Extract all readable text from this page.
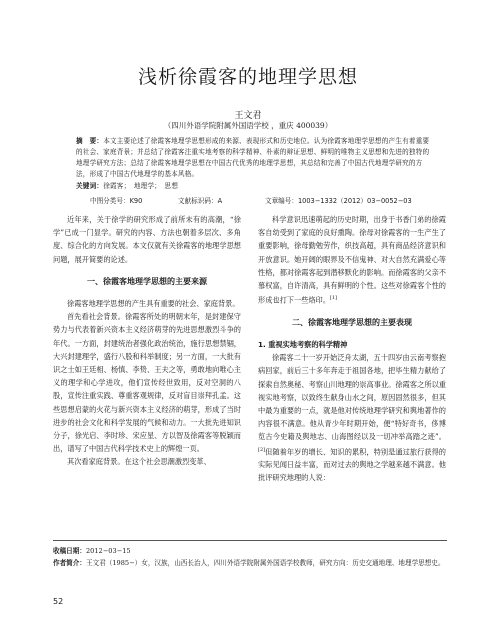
浅析徐霞客的地理学思想
王文君
（四川外语学院附属外国语学校 ，重庆 400039）
摘　要：本文主要论述了徐霞客地理学思想形成的来源、表现形式和历史地位。认为徐霞客地理学思想的产生有着重要的社会、家庭背景；并总结了徐霞客注重实地考察的科学精神、朴素的辩证思想、鲜明的唯物主义思想和先进的独特的地理学研究方法；总结了徐霞客地理学思想在中国古代优秀的地理学思想，其总结和完善了中国古代地理学研究的方法，形成了中国古代地理学的基本风格。
关键词：徐霞客；　地理学；　思想
中图分类号：K90	文献标识码：A	文章编号：1003−1332（2012）03−0052−03

近年来，关于徐学的研究形成了前所未有的高潮，“徐学”已成一门显学。研究的内容、方法也朝着多层次、多角度、综合化的方向发展。本文仅就有关徐霞客的地理学思想问题，展开简要的论述。

一、徐霞客地理学思想的主要来源

徐霞客地理学思想的产生具有重要的社会、家庭背景。

首先看社会背景。徐霞客所处的明朝末年，是封建保守势力与代表着新兴资本主义经济萌芽的先进思想激烈斗争的年代。一方面，封建统治者强化政治统治，施行思想禁锢，大兴封建理学，盛行八股和科举制度；另一方面，一大批有识之士如王廷相、杨慎、李贽、王夫之等，勇敢地向唯心主义的理学和心学进攻，他们宣传经世致用，反对空洞的八股，宣传注重实践、尊重客观规律，反对盲目崇拜孔孟。这些思想启蒙的火花与新兴资本主义经济的萌芽，形成了当时进步的社会文化和科学发展的气候和动力。一大批先进知识分子，徐光启、李时珍、宋应星、方以智及徐霞客等脱颖而出，谱写了中国古代科学技术史上的辉煌一页。

其次看家庭背景。在这个社会思潮激烈变革、

科学意识迅速萌起的历史时期，出身于书香门弟的徐霞客自幼受到了家庭的良好熏陶。徐母对徐霞客的一生产生了重要影响，徐母勤勉劳作，织技高超，具有商品经济意识和开放意识。她开阔的眼界及不信鬼神、对大自然充满爱心等性格，都对徐霞客起到潜移默化的影响。而徐霞客的父亲不慕权富，自许清高，具有鲜明的个性。这些对徐霞客个性的形成也打下一些烙印。[1]

二、徐霞客地理学思想的主要表现
1. 重视实地考察的科学精神

徐霞客二十一岁开始泛舟太湖，五十四岁由云南考察抱病回家，前后三十多年奔走于祖国各地，把毕生精力献给了探索自然奥秘、考察山川地理的崇高事业。徐霞客之所以重视实地考察，以致终生献身山水之间，原因固然很多，但其中最为重要的一点，就是他对传统地理学研究和舆地著作的内容很不满意。他从青少年时期开始，便“特好奇书，侈博览古今史籍及舆地志、山海图经以及一切冲举高踏之迹”。[2]但随着年岁的增长、知识的累积，特别是通过旅行获得的实际见闻日益丰富，而对过去的舆地之学越来越不满意。他批评研究地理的人说：

收稿日期：2012−03−15
作者简介：王文君（1985−）女，汉族，山西长治人，四川外语学院附属外国语学校教师，研究方向：历史交通地理、地理学思想史。
52
